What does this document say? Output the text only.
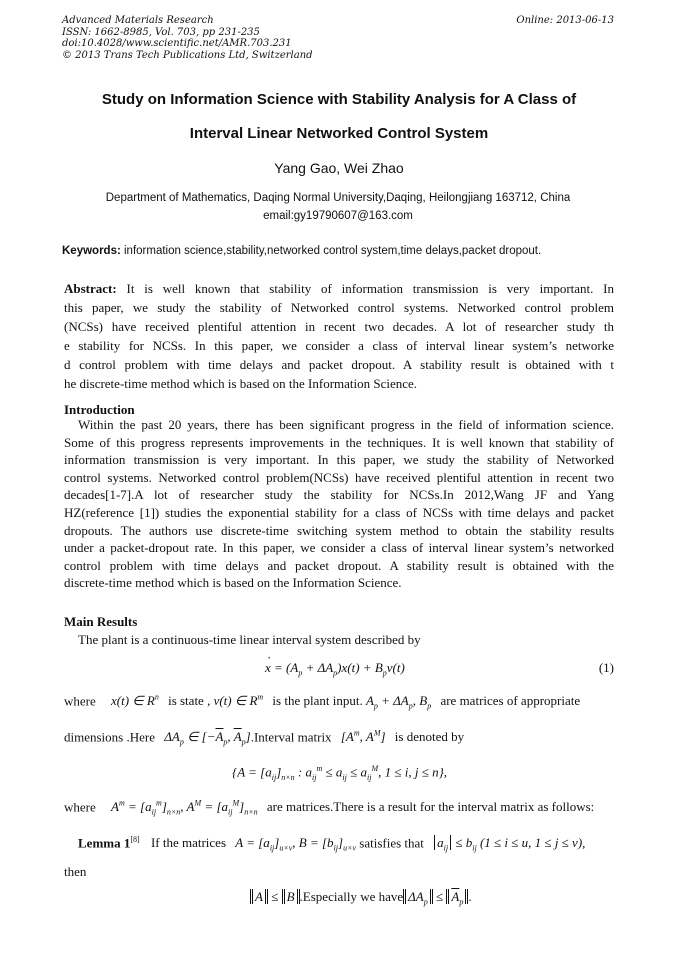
Advanced Materials Research
ISSN: 1662-8985, Vol. 703, pp 231-235
doi:10.4028/www.scientific.net/AMR.703.231
© 2013 Trans Tech Publications Ltd, Switzerland
Online: 2013-06-13
Study on Information Science with Stability Analysis for A Class of
Interval Linear Networked Control System
Yang Gao, Wei Zhao
Department of Mathematics, Daqing Normal University,Daqing, Heilongjiang 163712, China
email:gy19790607@163.com
Keywords: information science,stability,networked control system,time delays,packet dropout.
Abstract: It is well known that stability of information transmission is very important. In
this paper, we study the stability of Networked control systems. Networked control problem
(NCSs) have received plentiful attention in recent two decades. A lot of researcher study th
e stability for NCSs. In this paper, we consider a class of interval linear system’s networke
d control problem with time delays and packet dropout. A stability result is obtained with t
he discrete-time method which is based on the Information Science.
Introduction
Within the past 20 years, there has been significant progress in the field of information science.
Some of this progress represents improvements in the techniques. It is well known that stability of
information transmission is very important. In this paper, we study the stability of Networked
control systems. Networked control problem(NCSs) have received plentiful attention in recent two
decades[1-7].A lot of researcher study the stability for NCSs.In 2012,Wang JF and Yang
HZ(reference [1]) studies the exponential stability for a class of NCSs with time delays and packet
dropouts. The authors use discrete-time switching system method to obtain the stability results
under a packet-dropout rate. In this paper, we consider a class of interval linear system’s networked
control problem with time delays and packet dropout. A stability result is obtained with the
discrete-time method which is based on the Information Science.
Main Results
The plant is a continuous-time linear interval system described by
x
·
= $(A_p + \Delta A_p)x(t) + B_pv(t)$	(1)
where x(t) ∈ $R^n$ is state , v(t) ∈ $R^m$ is the plant input. $A_p + \Delta A_p$, $B_p$ are matrices of appropriate
dimensions .Here $\Delta A_p$ ∈ [$-\overline{A}_p$, $\overline{A}_p].Interval$ matrix [$A^m$, $A^M$] is denoted by
{$A = [a_{ij}]_{n\times n}$ : $a_{ij}^m \le a_{ij} \le a_{ij}^M$, 1 ≤ i, j ≤ n},
where $A^m = [a_{ij}^m]_{n\times n}$, $A^M = [a_{ij}^M]_{n\times n}$ are matrices.There is a result for the interval matrix as follows:
Lemma 1[8] If the matrices $A = [a_{ij}]_{u\times v}$, $B = [b_{ij}]_{u\times v}$ satisfies that $a_{ij} \le b_{ij}$ (1 ≤ i ≤ u, 1 ≤ j ≤ v),
then
A ≤ B .Especially we have $\Delta A_p \le \overline{A}_p$ .
